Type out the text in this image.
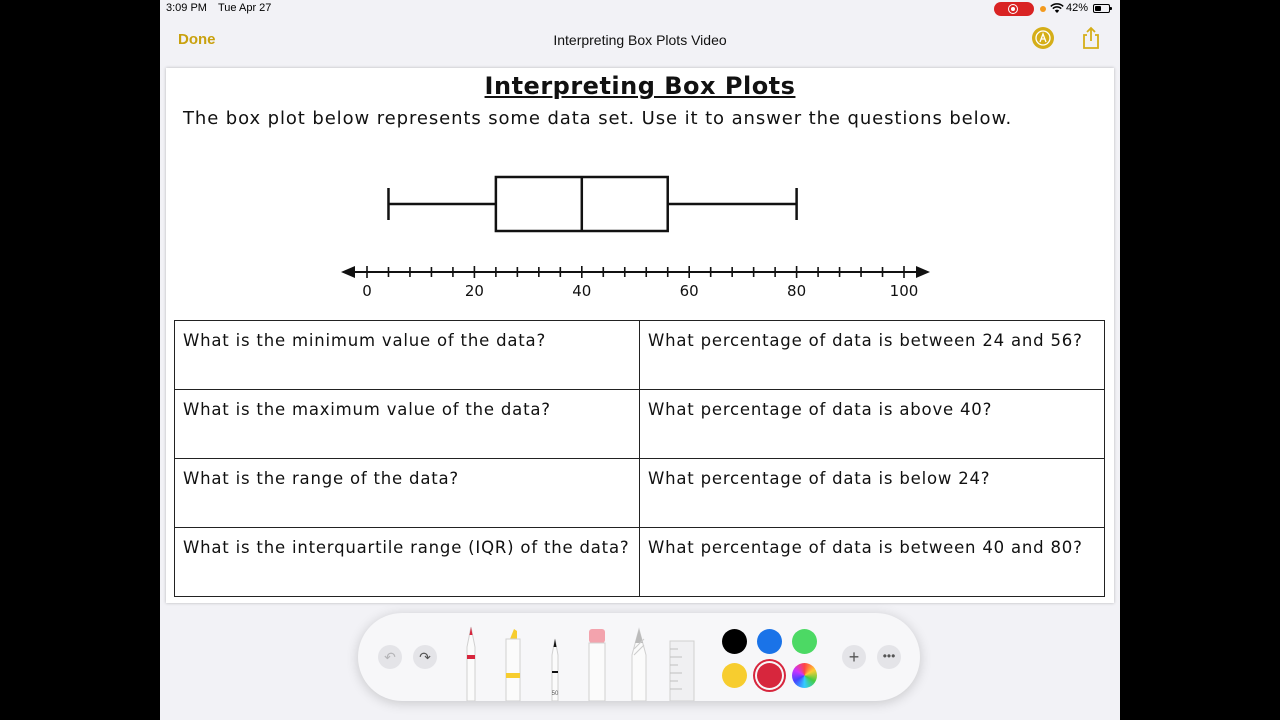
3:09 PM Tue Apr 27	42%
Done	Interpreting Box Plots Video
Interpreting Box Plots
The box plot below represents some data set. Use it to answer the questions below.
0	20	40	60	80	100
What is the minimum value of the data?	What percentage of data is between 24 and 56?
What is the maximum value of the data?	What percentage of data is above 40?
What is the range of the data?	What percentage of data is below 24?
What is the interquartile range (IQR) of the data?	What percentage of data is between 40 and 80?
↶	↷
50
+	•••
